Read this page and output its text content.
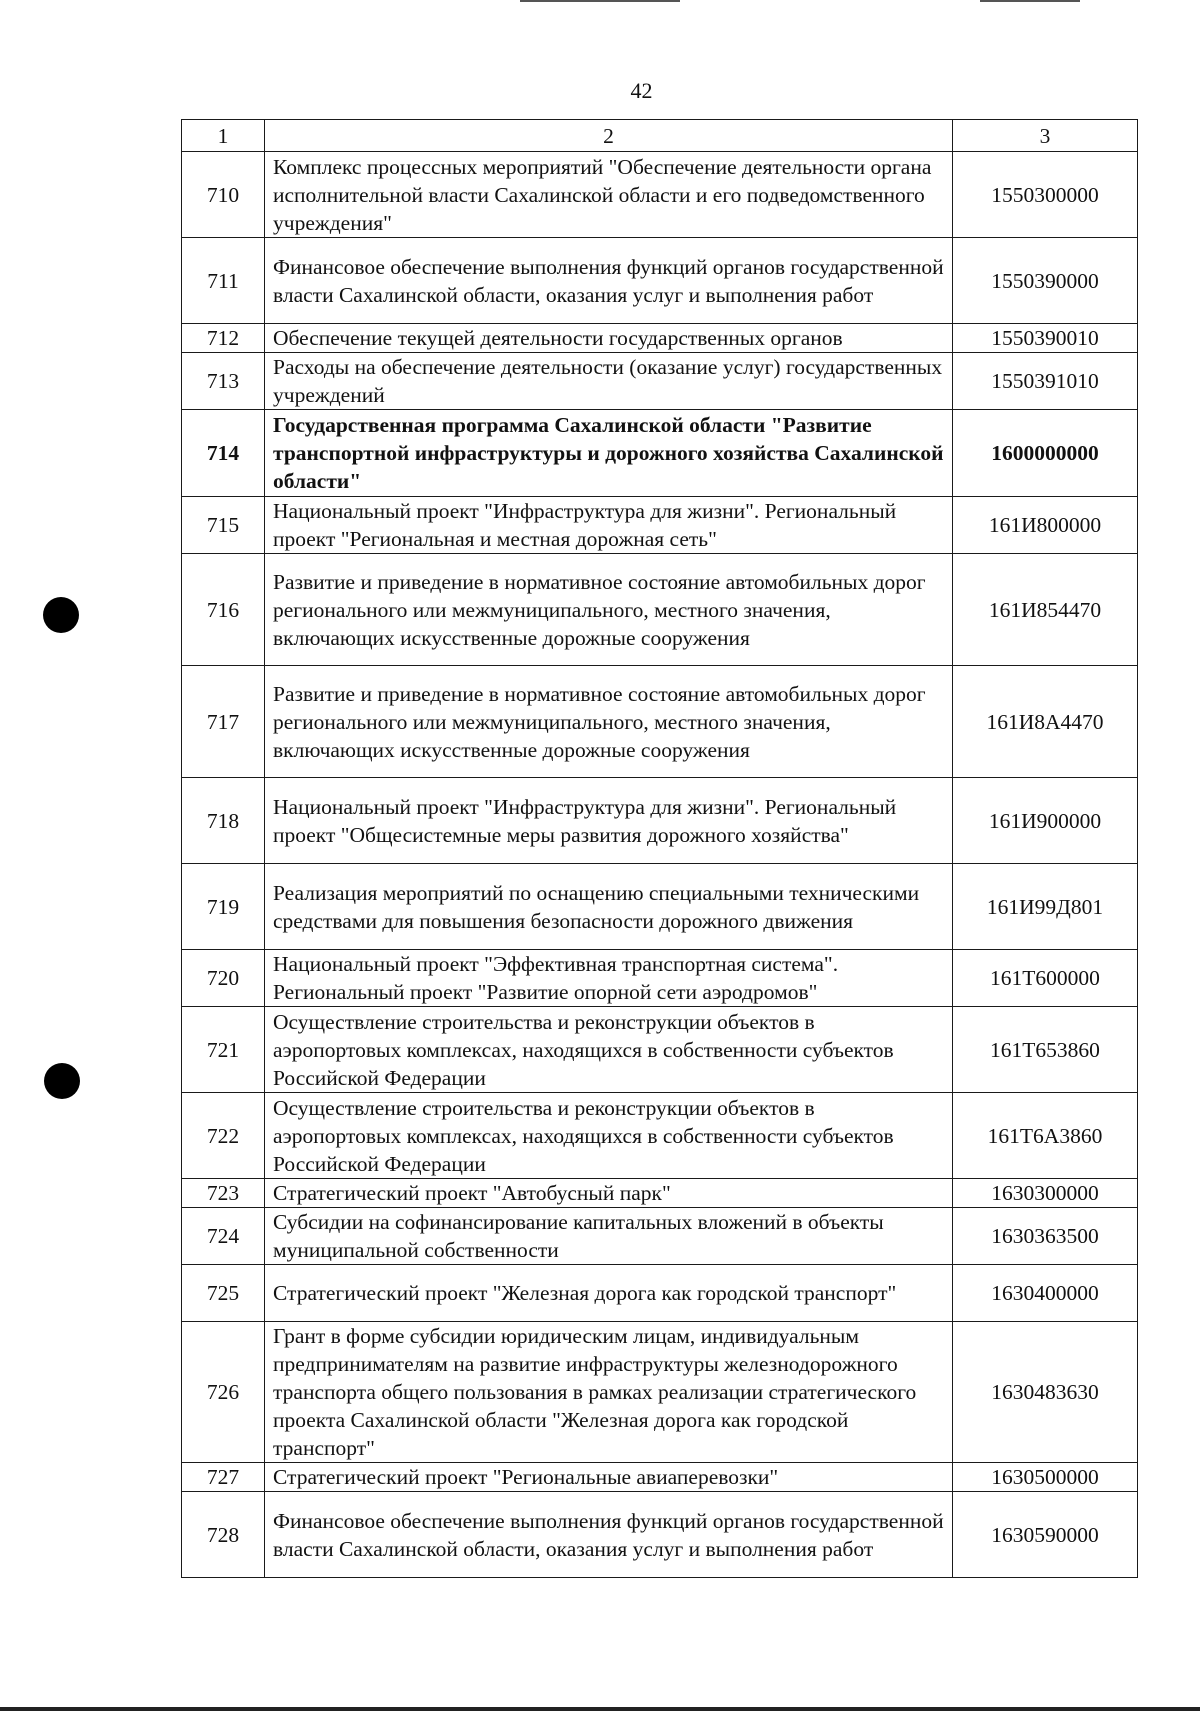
42
1	2	3
710	Комплекс процессных мероприятий "Обеспечение деятельности органа исполнительной власти Сахалинской области и его подведомственного учреждения"	1550300000
711	Финансовое обеспечение выполнения функций органов государственной власти Сахалинской области, оказания услуг и выполнения работ	1550390000
712	Обеспечение текущей деятельности государственных органов	1550390010
713	Расходы на обеспечение деятельности (оказание услуг) государственных учреждений	1550391010
714	Государственная программа Сахалинской области "Развитие транспортной инфраструктуры и дорожного хозяйства Сахалинской области"	1600000000
715	Национальный проект "Инфраструктура для жизни". Региональный проект "Региональная и местная дорожная сеть"	161И800000
716	Развитие и приведение в нормативное состояние автомобильных дорог регионального или межмуниципального, местного значения, включающих искусственные дорожные сооружения	161И854470
717	Развитие и приведение в нормативное состояние автомобильных дорог регионального или межмуниципального, местного значения, включающих искусственные дорожные сооружения	161И8А4470
718	Национальный проект "Инфраструктура для жизни". Региональный проект "Общесистемные меры развития дорожного хозяйства"	161И900000
719	Реализация мероприятий по оснащению специальными техническими средствами для повышения безопасности дорожного движения	161И99Д801
720	Национальный проект "Эффективная транспортная система". Региональный проект "Развитие опорной сети аэродромов"	161Т600000
721	Осуществление строительства и реконструкции объектов в аэропортовых комплексах, находящихся в собственности субъектов Российской Федерации	161Т653860
722	Осуществление строительства и реконструкции объектов в аэропортовых комплексах, находящихся в собственности субъектов Российской Федерации	161Т6А3860
723	Стратегический проект "Автобусный парк"	1630300000
724	Субсидии на софинансирование капитальных вложений в объекты муниципальной собственности	1630363500
725	Стратегический проект "Железная дорога как городской транспорт"	1630400000
726	Грант в форме субсидии юридическим лицам, индивидуальным предпринимателям на развитие инфраструктуры железнодорожного транспорта общего пользования в рамках реализации стратегического проекта Сахалинской области "Железная дорога как городской транспорт"	1630483630
727	Стратегический проект "Региональные авиаперевозки"	1630500000
728	Финансовое обеспечение выполнения функций органов государственной власти Сахалинской области, оказания услуг и выполнения работ	1630590000
